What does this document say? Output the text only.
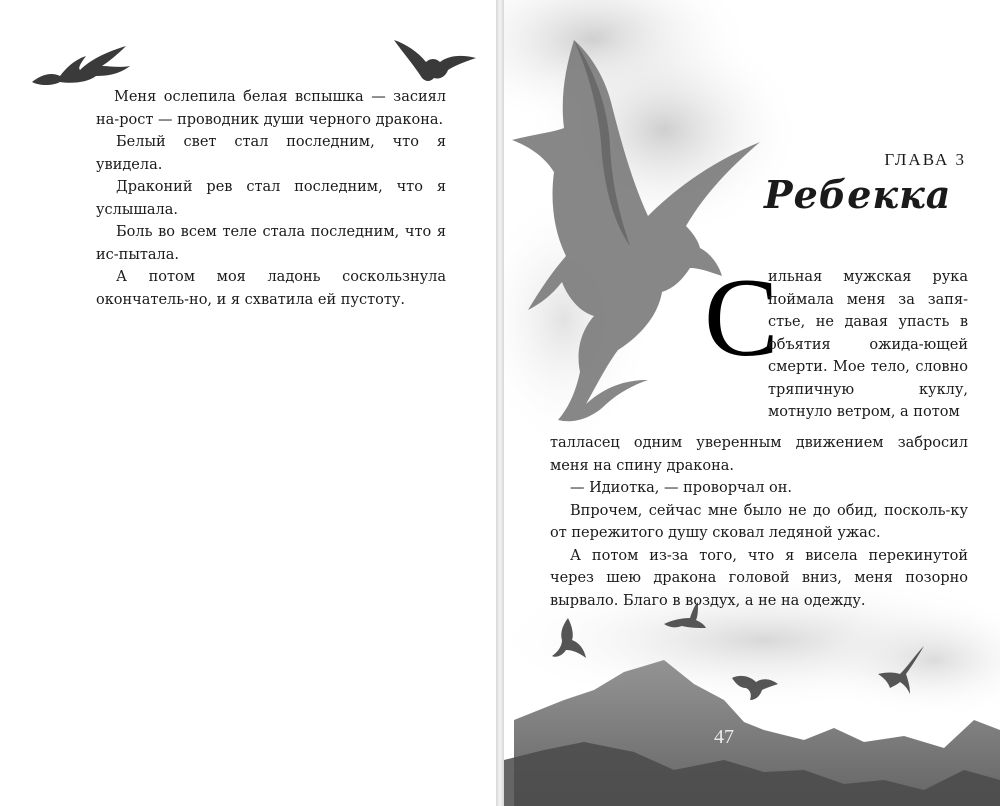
Меня ослепила белая вспышка — засиял на-рост — проводник души черного дракона.

Белый свет стал последним, что я увидела.

Драконий рев стал последним, что я услышала.

Боль во всем теле стала последним, что я ис-пытала.

А потом моя ладонь соскользнула окончатель-но, и я схватила ей пустоту.

ГЛАВА 3
Ребекка
С

ильная мужская рука поймала меня за запя-стье, не давая упасть в объятия ожида-ющей смерти. Мое тело, словно тряпичную куклу, мотнуло ветром, а потом

талласец одним уверенным движением забросил меня на спину дракона.

— Идиотка, — проворчал он.

Впрочем, сейчас мне было не до обид, посколь-ку от пережитого душу сковал ледяной ужас.

А потом из-за того, что я висела перекинутой через шею дракона головой вниз, меня позорно вырвало. Благо в воздух, а не на одежду.

47
